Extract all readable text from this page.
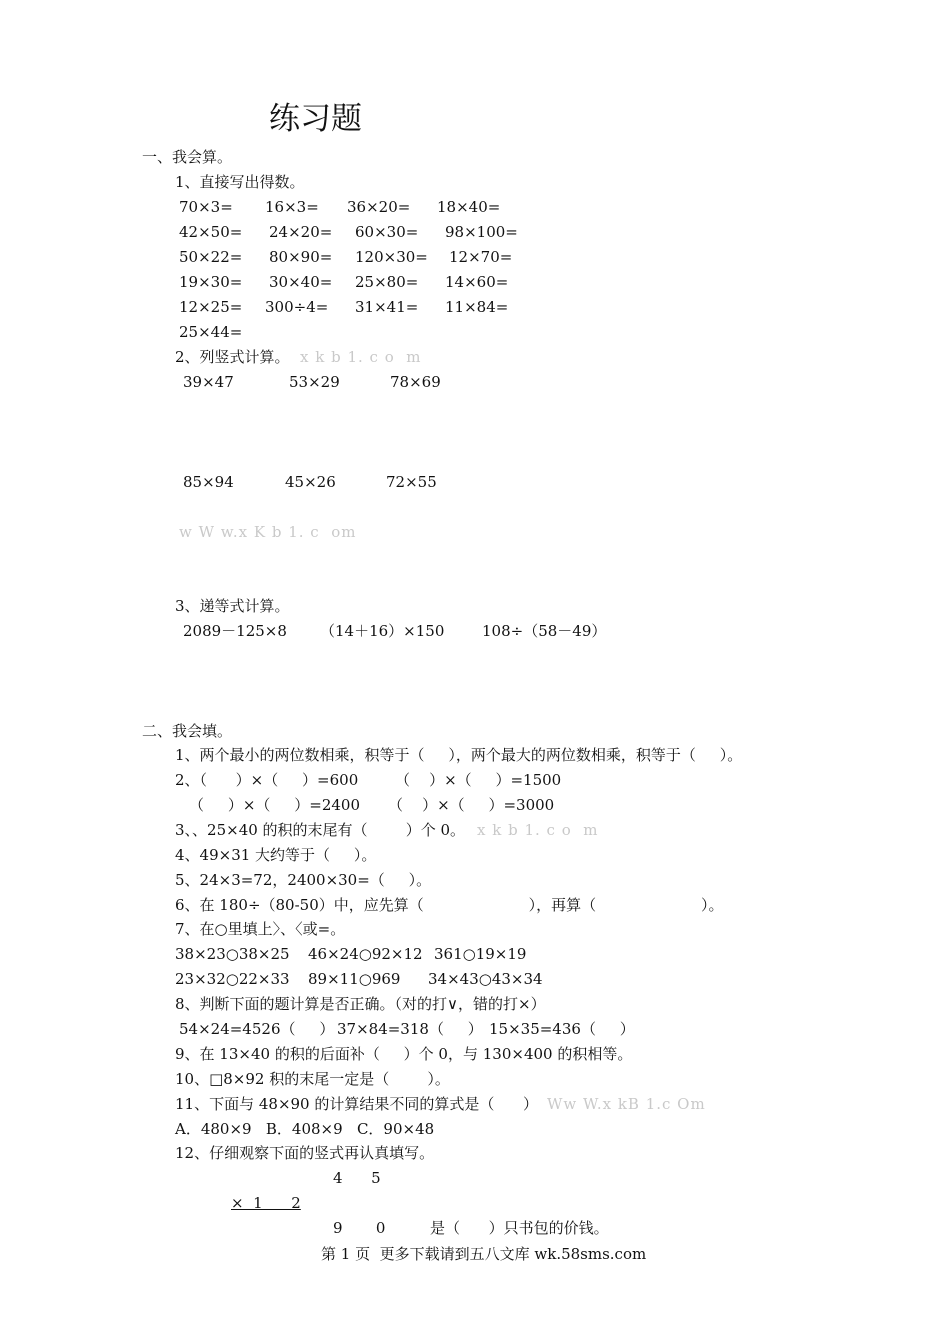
练习题
一、我会算。
1、直接写出得数。
70×3= 16×3= 36×20= 18×40=
42×50= 24×20= 60×30= 98×100=
50×22= 80×90= 120×30= 12×70=
19×30= 30×40= 25×80= 14×60=
12×25= 300÷4= 31×41= 11×84=
25×44=
2、列竖式计算。 x k b 1. c o  m
39×47	53×29	78×69
85×94	45×26	72×55
w W w.x K b 1. c  om
3、递等式计算。
2089－125×8 （14＋16）×150	108÷（58－49）
二、我会填。
1、两个最小的两位数相乘，积等于（     ），两个最大的两位数相乘，积等于（     ）。
2、（      ）×（     ）=600 （    ）×（     ）=1500
（     ）×（     ）=2400 （    ）×（     ）=3000
3、、25×40 的积的末尾有（        ）个 0。 x k b 1. c o  m
4、49×31 大约等于（     ）。
5、24×3=72，2400×30=（     ）。
6、在 180÷（80-50）中，应先算（                      ），再算（                      ）。
7、在○里填上〉、〈或=。
38×23○38×25 46×24○92×12 361○19×19
23×32○22×33 89×11○969 34×43○43×34
8、判断下面的题计算是否正确。（对的打∨，错的打×）
54×24=4526（     ） 37×84=318（     ） 15×35=436（     ）
9、在 13×40 的积的后面补（     ）个 0，与 130×400 的积相等。
10、□8×92 积的末尾一定是（        ）。
11、下面与 48×90 的计算结果不同的算式是（      ） Ww W.x kB 1.c Om
A．480×9   B．408×9   C．90×48
12、仔细观察下面的竖式再认真填写。
4      5
×  1      2
9       0	是（      ）只书包的价钱。
第 1 页  更多下载请到五八文库 wk.58sms.com
